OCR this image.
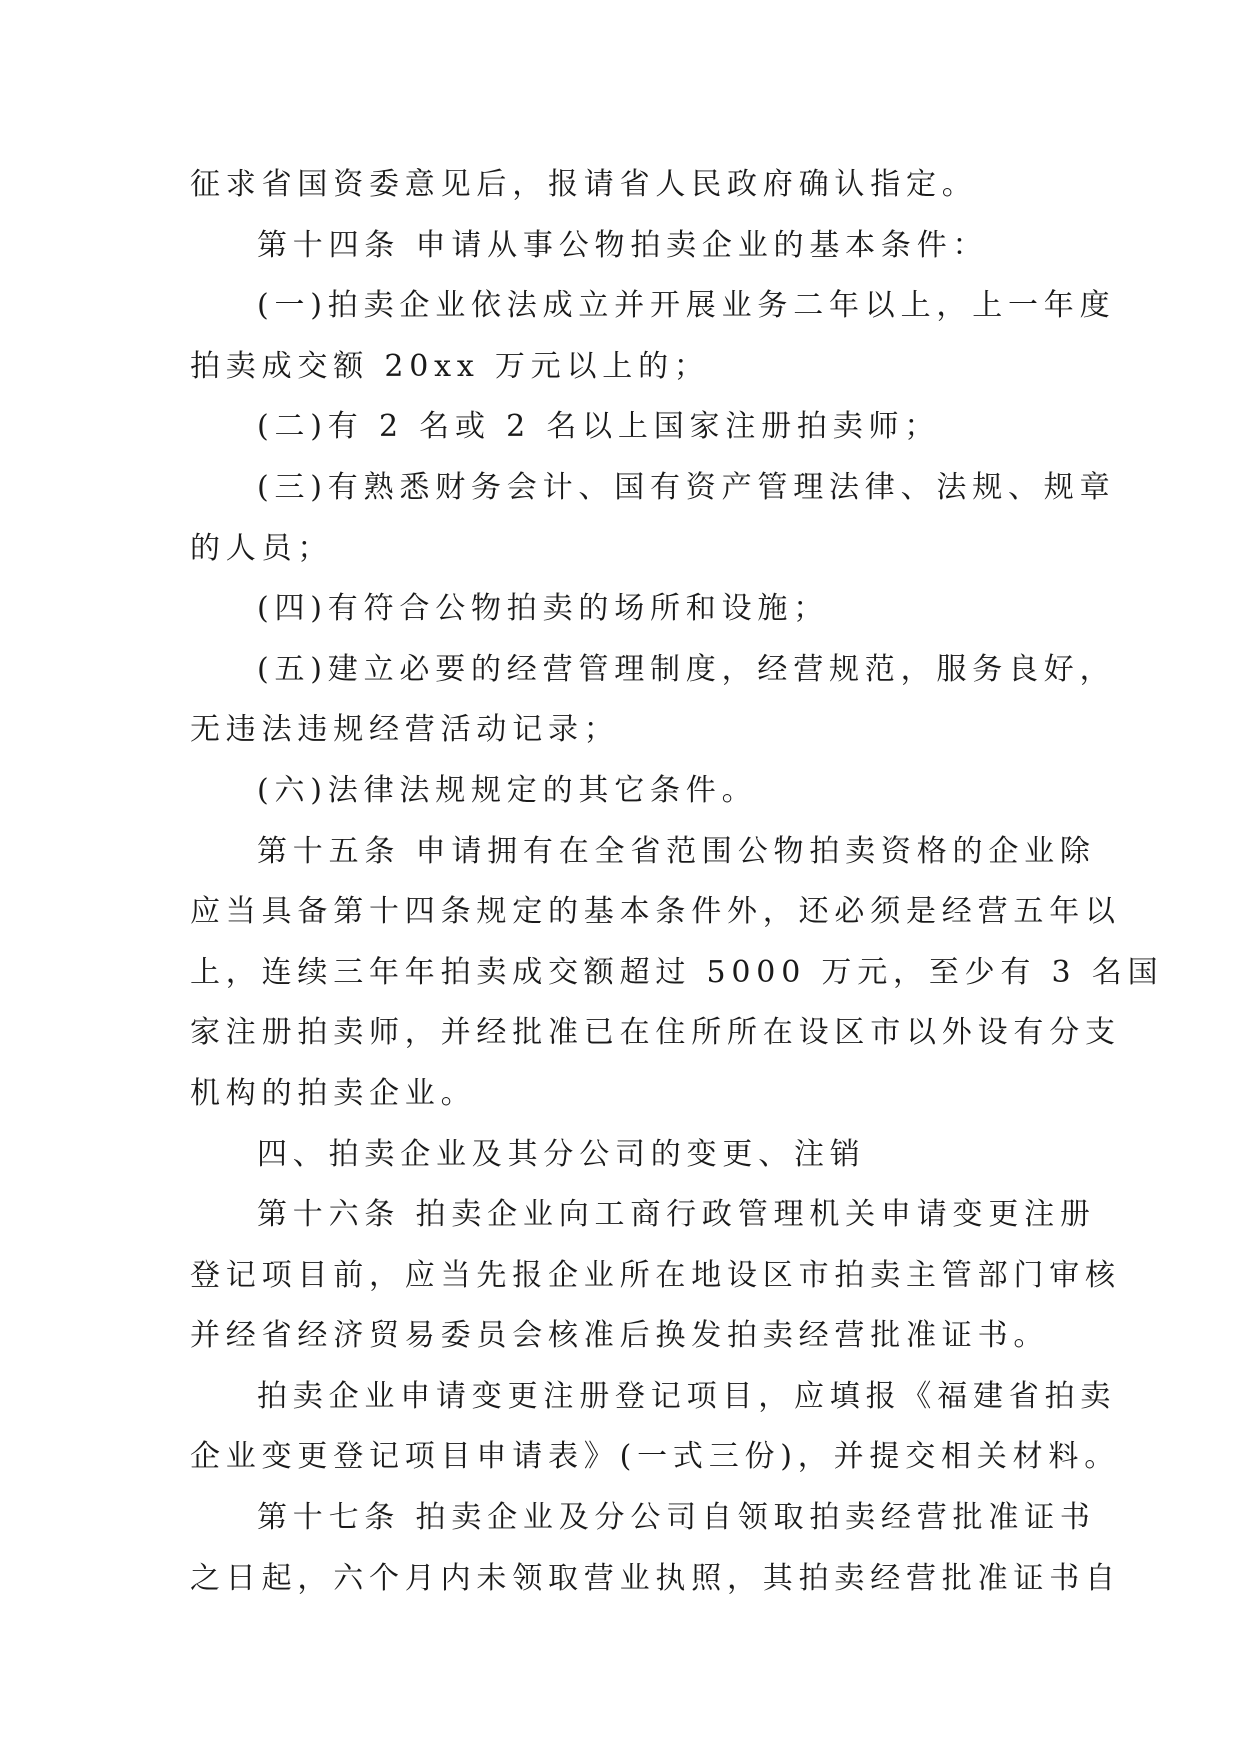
征求省国资委意见后，报请省人民政府确认指定。
第十四条 申请从事公物拍卖企业的基本条件：
(一)拍卖企业依法成立并开展业务二年以上，上一年度
拍卖成交额 20xx 万元以上的；
(二)有 2 名或 2 名以上国家注册拍卖师；
(三)有熟悉财务会计、国有资产管理法律、法规、规章
的人员；
(四)有符合公物拍卖的场所和设施；
(五)建立必要的经营管理制度，经营规范，服务良好，
无违法违规经营活动记录；
(六)法律法规规定的其它条件。
第十五条 申请拥有在全省范围公物拍卖资格的企业除
应当具备第十四条规定的基本条件外，还必须是经营五年以
上，连续三年年拍卖成交额超过 5000 万元，至少有 3 名国
家注册拍卖师，并经批准已在住所所在设区市以外设有分支
机构的拍卖企业。
四、拍卖企业及其分公司的变更、注销
第十六条 拍卖企业向工商行政管理机关申请变更注册
登记项目前，应当先报企业所在地设区市拍卖主管部门审核
并经省经济贸易委员会核准后换发拍卖经营批准证书。
拍卖企业申请变更注册登记项目，应填报《福建省拍卖
企业变更登记项目申请表》(一式三份)，并提交相关材料。
第十七条 拍卖企业及分公司自领取拍卖经营批准证书
之日起，六个月内未领取营业执照，其拍卖经营批准证书自
